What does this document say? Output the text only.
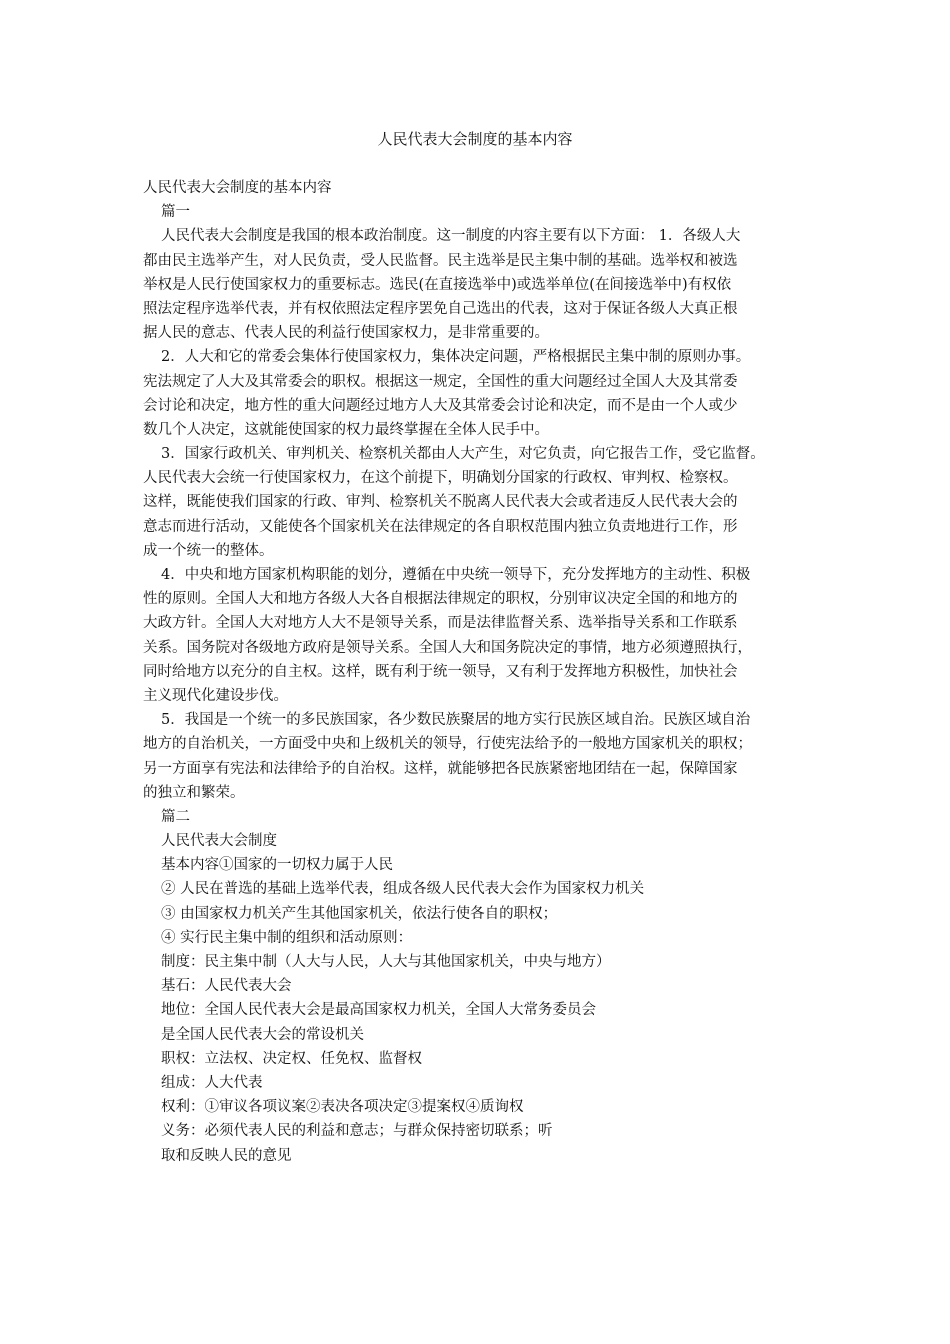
人民代表大会制度的基本内容
人民代表大会制度的基本内容
篇一
人民代表大会制度是我国的根本政治制度。这一制度的内容主要有以下方面： 1．各级人大
都由民主选举产生，对人民负责，受人民监督。民主选举是民主集中制的基础。选举权和被选
举权是人民行使国家权力的重要标志。选民(在直接选举中)或选举单位(在间接选举中)有权依
照法定程序选举代表，并有权依照法定程序罢免自己选出的代表，这对于保证各级人大真正根
据人民的意志、代表人民的利益行使国家权力，是非常重要的。
2．人大和它的常委会集体行使国家权力，集体决定问题，严格根据民主集中制的原则办事。
宪法规定了人大及其常委会的职权。根据这一规定，全国性的重大问题经过全国人大及其常委
会讨论和决定，地方性的重大问题经过地方人大及其常委会讨论和决定，而不是由一个人或少
数几个人决定，这就能使国家的权力最终掌握在全体人民手中。
3．国家行政机关、审判机关、检察机关都由人大产生，对它负责，向它报告工作，受它监督。
人民代表大会统一行使国家权力，在这个前提下，明确划分国家的行政权、审判权、检察权。
这样，既能使我们国家的行政、审判、检察机关不脱离人民代表大会或者违反人民代表大会的
意志而进行活动，又能使各个国家机关在法律规定的各自职权范围内独立负责地进行工作，形
成一个统一的整体。
4．中央和地方国家机构职能的划分，遵循在中央统一领导下，充分发挥地方的主动性、积极
性的原则。全国人大和地方各级人大各自根据法律规定的职权，分别审议决定全国的和地方的
大政方针。全国人大对地方人大不是领导关系，而是法律监督关系、选举指导关系和工作联系
关系。国务院对各级地方政府是领导关系。全国人大和国务院决定的事情，地方必须遵照执行，
同时给地方以充分的自主权。这样，既有利于统一领导，又有利于发挥地方积极性，加快社会
主义现代化建设步伐。
5．我国是一个统一的多民族国家，各少数民族聚居的地方实行民族区域自治。民族区域自治
地方的自治机关，一方面受中央和上级机关的领导，行使宪法给予的一般地方国家机关的职权；
另一方面享有宪法和法律给予的自治权。这样，就能够把各民族紧密地团结在一起，保障国家
的独立和繁荣。
篇二
人民代表大会制度
基本内容①国家的一切权力属于人民
② 人民在普选的基础上选举代表，组成各级人民代表大会作为国家权力机关
③ 由国家权力机关产生其他国家机关，依法行使各自的职权；
④ 实行民主集中制的组织和活动原则：
制度：民主集中制（人大与人民，人大与其他国家机关，中央与地方）
基石：人民代表大会
地位：全国人民代表大会是最高国家权力机关，全国人大常务委员会
是全国人民代表大会的常设机关
职权：立法权、决定权、任免权、监督权
组成：人大代表
权利：①审议各项议案②表决各项决定③提案权④质询权
义务：必须代表人民的利益和意志；与群众保持密切联系；听
取和反映人民的意见
